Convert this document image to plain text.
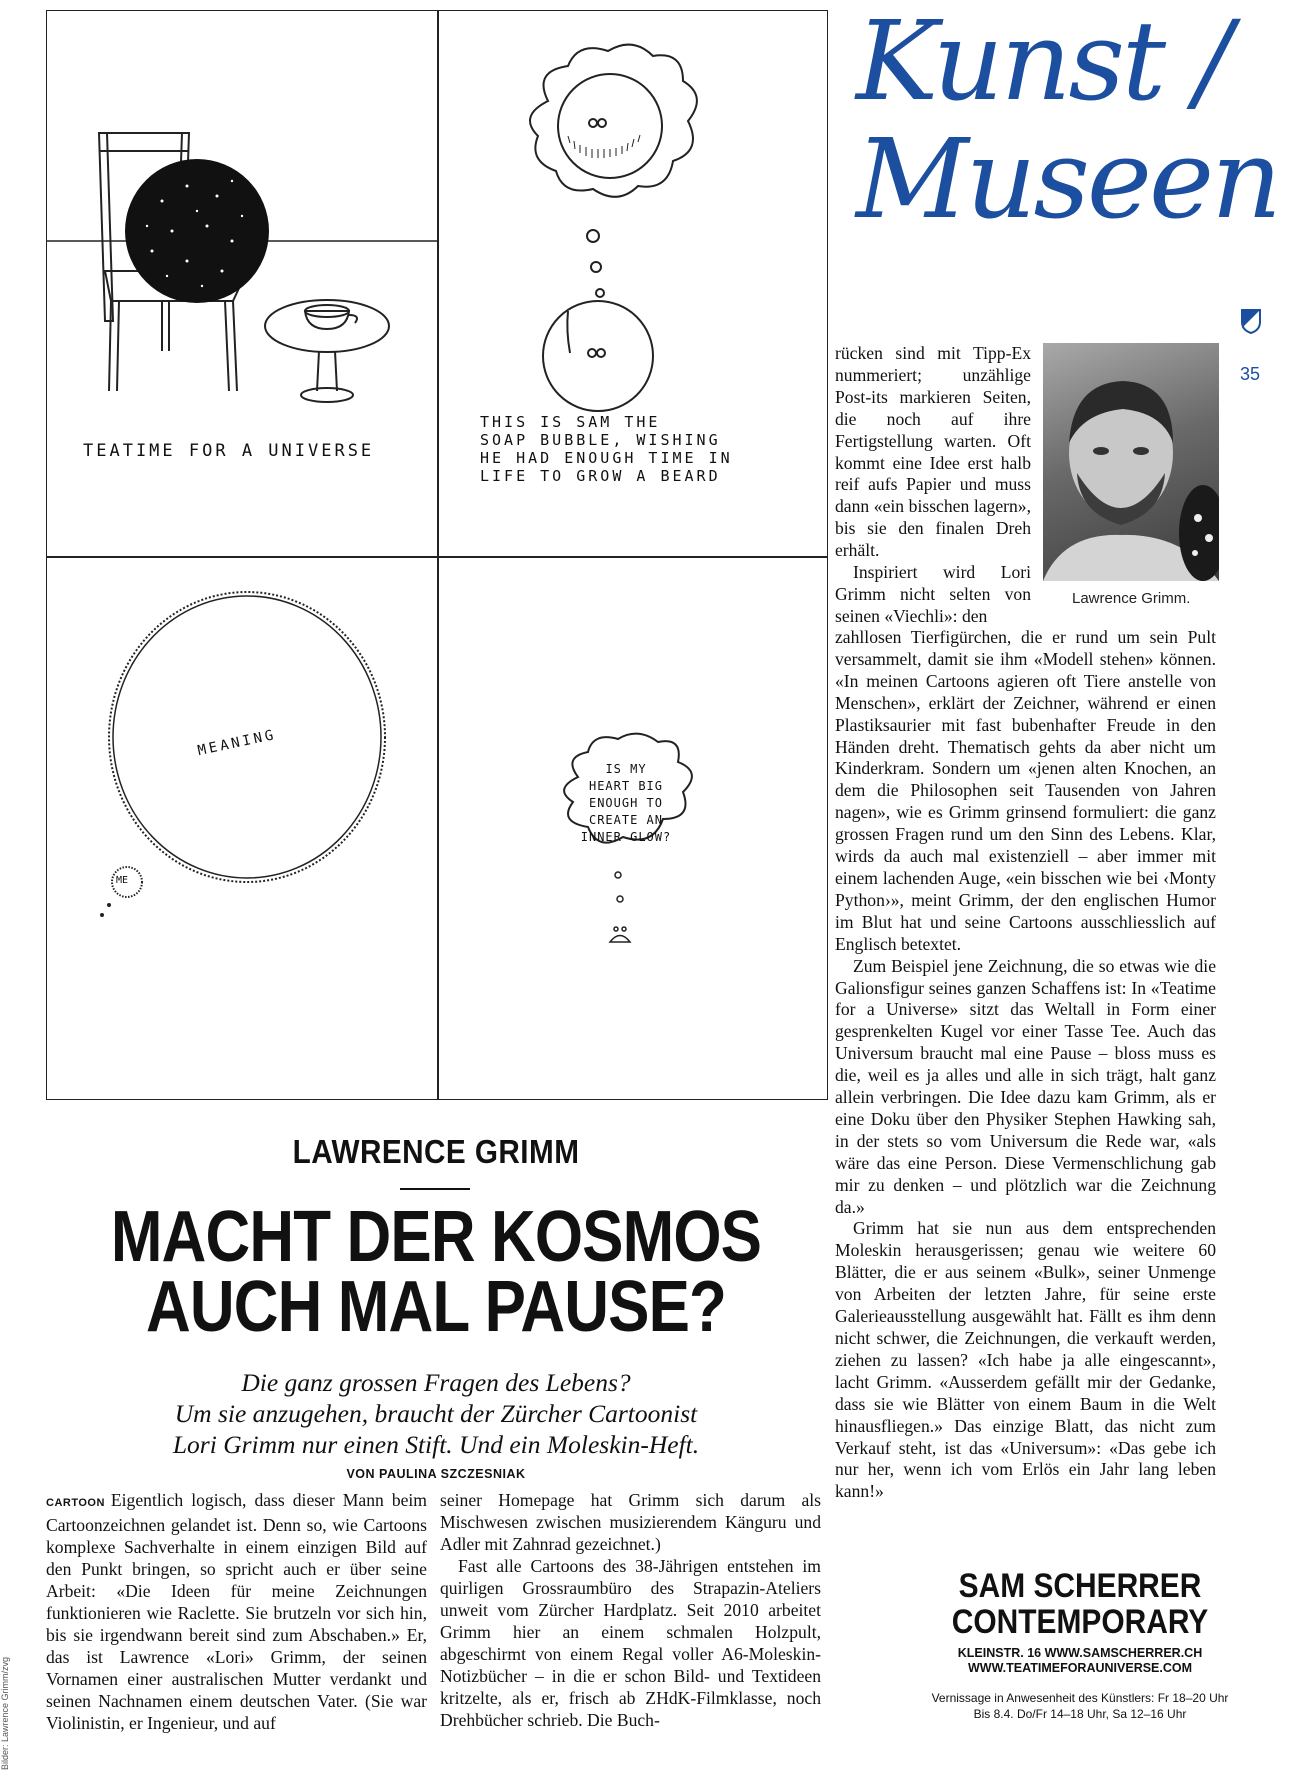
TEATIME FOR A UNIVERSE
THIS IS SAM THE
SOAP BUBBLE, WISHING
HE HAD ENOUGH TIME IN
LIFE TO GROW A BEARD
MEANING
ME
IS MY
HEART BIG
ENOUGH TO
CREATE AN
INNER GLOW?
Kunst /
Museen
35
Lawrence Grimm.

rücken sind mit Tipp-Ex nummeriert; unzählige Post-its markieren Seiten, die noch auf ihre Fertigstellung warten. Oft kommt eine Idee erst halb reif aufs Papier und muss dann «ein bisschen lagern», bis sie den finalen Dreh erhält.

Inspiriert wird Lori Grimm nicht selten von seinen «Viechli»: den

zahllosen Tierfigürchen, die er rund um sein Pult versammelt, damit sie ihm «Modell stehen» können. «In meinen Cartoons agieren oft Tiere anstelle von Menschen», erklärt der Zeichner, während er einen Plastiksaurier mit fast bubenhafter Freude in den Händen dreht. Thematisch gehts da aber nicht um Kinderkram. Sondern um «jenen alten Knochen, an dem die Philosophen seit Tausenden von Jahren nagen», wie es Grimm grinsend formuliert: die ganz grossen Fragen rund um den Sinn des Lebens. Klar, wirds da auch mal existenziell – aber immer mit einem lachenden Auge, «ein bisschen wie bei ‹Monty Python›», meint Grimm, der den englischen Humor im Blut hat und seine Cartoons ausschliesslich auf Englisch betextet.

Zum Beispiel jene Zeichnung, die so etwas wie die Galionsfigur seines ganzen Schaffens ist: In «Teatime for a Universe» sitzt das Weltall in Form einer gesprenkelten Kugel vor einer Tasse Tee. Auch das Universum braucht mal eine Pause – bloss muss es die, weil es ja alles und alle in sich trägt, halt ganz allein verbringen. Die Idee dazu kam Grimm, als er eine Doku über den Physiker Stephen Hawking sah, in der stets so vom Universum die Rede war, «als wäre das eine Person. Diese Vermenschlichung gab mir zu denken – und plötzlich war die Zeichnung da.»

Grimm hat sie nun aus dem entsprechenden Moleskin herausgerissen; genau wie weitere 60 Blätter, die er aus seinem «Bulk», seiner Unmenge von Arbeiten der letzten Jahre, für seine erste Galerieausstellung ausgewählt hat. Fällt es ihm denn nicht schwer, die Zeichnungen, die verkauft werden, ziehen zu lassen? «Ich habe ja alle eingescannt», lacht Grimm. «Ausserdem gefällt mir der Gedanke, dass sie wie Blätter von einem Baum in die Welt hinausfliegen.» Das einzige Blatt, das nicht zum Verkauf steht, ist das «Universum»: «Das gebe ich nur her, wenn ich vom Erlös ein Jahr lang leben kann!»

LAWRENCE GRIMM
MACHT DER KOSMOS
AUCH MAL PAUSE?
Die ganz grossen Fragen des Lebens?
Um sie anzugehen, braucht der Zürcher Cartoonist
Lori Grimm nur einen Stift. Und ein Moleskin-Heft.
VON PAULINA SZCZESNIAK

CARTOON Eigentlich logisch, dass dieser Mann beim Cartoonzeichnen gelandet ist. Denn so, wie Cartoons komplexe Sachverhalte in einem einzigen Bild auf den Punkt bringen, so spricht auch er über seine Arbeit: «Die Ideen für meine Zeichnungen funktionieren wie Raclette. Sie brutzeln vor sich hin, bis sie irgendwann bereit sind zum Abschaben.» Er, das ist Lawrence «Lori» Grimm, der seinen Vornamen einer australischen Mutter verdankt und seinen Nachnamen einem deutschen Vater. (Sie war Violinistin, er Ingenieur, und auf

seiner Homepage hat Grimm sich darum als Mischwesen zwischen musizierendem Känguru und Adler mit Zahnrad gezeichnet.)

Fast alle Cartoons des 38-Jährigen entstehen im quirligen Grossraumbüro des Strapazin-Ateliers unweit vom Zürcher Hardplatz. Seit 2010 arbeitet Grimm hier an einem schmalen Holzpult, abgeschirmt von einem Regal voller A6-Moleskin-Notizbücher – in die er schon Bild- und Textideen kritzelte, als er, frisch ab ZHdK-Filmklasse, noch Drehbücher schrieb. Die Buch-

Bilder: Lawrence Grimm/zvg
SAM SCHERRER
CONTEMPORARY
KLEINSTR. 16 WWW.SAMSCHERRER.CH
WWW.TEATIMEFORAUNIVERSE.COM
Vernissage in Anwesenheit des Künstlers: Fr 18–20 Uhr
Bis 8.4. Do/Fr 14–18 Uhr, Sa 12–16 Uhr
